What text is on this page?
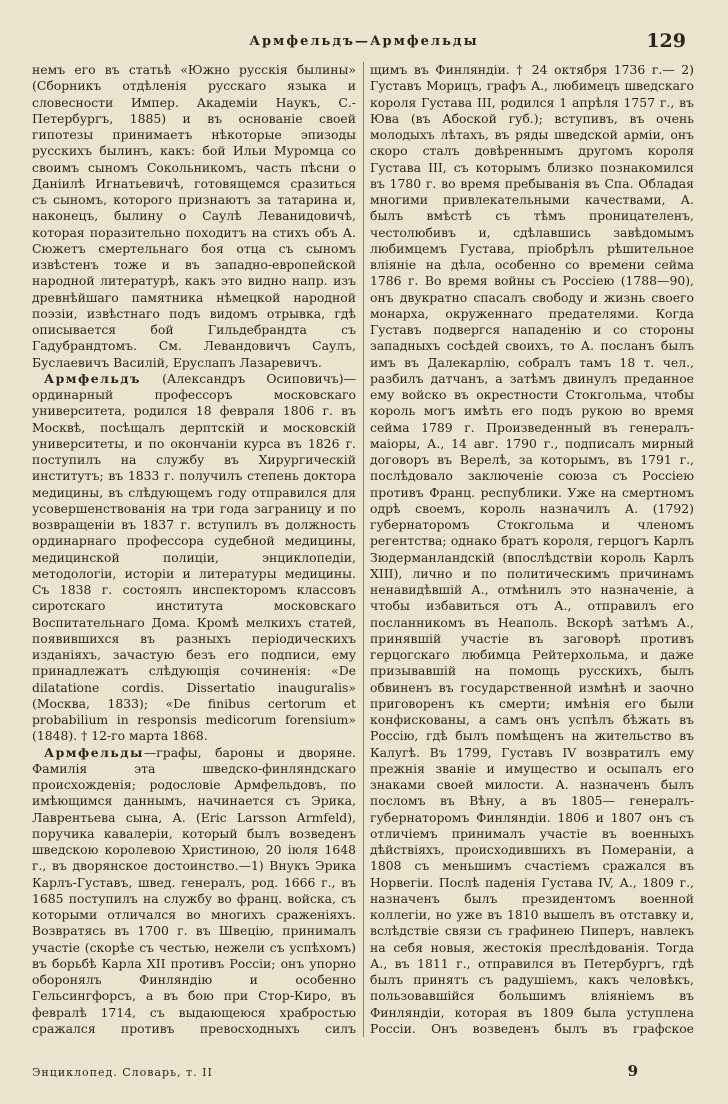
Армфельдъ—Армфельды	129

немъ его въ статьѣ «Южно русскія былины» (Сборникъ отдѣленія русскаго языка и словесности Импер. Академіи Наукъ, С.-Петербургъ, 1885) и въ основаніе своей гипотезы принимаетъ нѣкоторые эпизоды русскихъ былинъ, какъ: бой Ильи Муромца со своимъ сыномъ Сокольникомъ, часть пѣсни о Даніилѣ Игнатьевичѣ, готовящемся сразиться съ сыномъ, которого признаютъ за татарина и, наконецъ, былину о Саулѣ Леванидовичѣ, которая поразительно походитъ на стихъ объ А. Сюжетъ смертельнаго боя отца съ сыномъ извѣстенъ тоже и въ западно-европейской народной литературѣ, какъ это видно напр. изъ древнѣйшаго памятника нѣмецкой народной поэзіи, извѣстнаго подъ видомъ отрывка, гдѣ описывается бой Гильдебрандта съ Гадубрандтомъ. См. Левандовичъ Саулъ, Буслаевичъ Василій, Еруслапъ Лазаревичъ.

Армфельдъ (Александръ Осиповичъ)— ординарный профессоръ московскаго университета, родился 18 февраля 1806 г. въ Москвѣ, посѣщалъ дерптскій и московскій университеты, и по окончаніи курса въ 1826 г. поступилъ на службу въ Хирургическій институтъ; въ 1833 г. получилъ степень доктора медицины, въ слѣдующемъ году отправился для усовершенствованія на три года заграницу и по возвращеніи въ 1837 г. вступилъ въ должность ординарнаго профессора судебной медицины, медицинской полиціи, энциклопедіи, методологіи, исторіи и литературы медицины. Съ 1838 г. состоялъ инспекторомъ классовъ сиротскаго института московскаго Воспитательнаго Дома. Кромѣ мелкихъ статей, появившихся въ разныхъ періодическихъ изданіяхъ, зачастую безъ его подписи, ему принадлежатъ слѣдующія сочиненія: «De dilatatione cordis. Dissertatio inauguralis» (Москва, 1833); «De finibus certorum et probabilium in responsis medicorum forensium» (1848). † 12-го марта 1868.

Армфельды—графы, бароны и дворяне. Фамилія эта шведско-финляндскаго происхожденія; родословіе Армфельдовъ, по имѣющимся даннымъ, начинается съ Эрика, Лаврентьева сына, А. (Eric Larsson Armfeld), поручика кавалеріи, который былъ возведенъ шведскою королевою Христиною, 20 іюля 1648 г., въ дворянское достоинство.—1) Внукъ Эрика Карлъ-Густавъ, швед. генералъ, род. 1666 г., въ 1685 поступилъ на службу во франц. войска, съ которыми отличался во многихъ сраженіяхъ. Возвратясь въ 1700 г. въ Швецію, принималъ участіе (скорѣе съ честью, нежели съ успѣхомъ) въ борьбѣ Карла XII противъ Россіи; онъ упорно оборонялъ Финляндію и особенно Гельсингфорсъ, а въ бою при Стор-Киро, въ февралѣ 1714, съ выдающеюся храбростью сражался противъ превосходныхъ силъ

щимъ въ Финляндіи. † 24 октября 1736 г.— 2) Густавъ Морицъ, графъ А., любимецъ шведскаго короля Густава III, родился 1 апрѣля 1757 г., въ Юва (въ Абоской губ.); вступивъ, въ очень молодыхъ лѣтахъ, въ ряды шведской арміи, онъ скоро сталъ довѣреннымъ другомъ короля Густава III, съ которымъ близко познакомился въ 1780 г. во время пребыванія въ Спа. Обладая многими привлекательными качествами, А. былъ вмѣстѣ съ тѣмъ проницателенъ, честолюбивъ и, сдѣлавшись завѣдомымъ любимцемъ Густава, пріобрѣлъ рѣшительное вліяніе на дѣла, особенно со времени сейма 1786 г. Во время войны съ Россіею (1788—90), онъ двукратно спасалъ свободу и жизнь своего монарха, окруженнаго предателями. Когда Густавъ подвергся нападенію и со стороны западныхъ сосѣдей своихъ, то А. посланъ былъ имъ въ Далекарлію, собралъ тамъ 18 т. чел., разбилъ датчанъ, а затѣмъ двинулъ преданное ему войско въ окрестности Стокгольма, чтобы король могъ имѣть его подъ рукою во время сейма 1789 г. Произведенный въ генералъ-маіоры, А., 14 авг. 1790 г., подписалъ мирный договоръ въ Верелѣ, за которымъ, въ 1791 г., послѣдовало заключеніе союза съ Россіею противъ Франц. республики. Уже на смертномъ одрѣ своемъ, король назначилъ А. (1792) губернаторомъ Стокгольма и членомъ регентства; однако братъ короля, герцогъ Карлъ Зюдерманландскій (впослѣдствіи король Карлъ XIII), лично и по политическимъ причинамъ ненавидѣвшій А., отмѣнилъ это назначеніе, а чтобы избавиться отъ А., отправилъ его посланникомъ въ Неаполь. Вскорѣ затѣмъ А., принявшій участіе въ заговорѣ противъ герцогскаго любимца Рейтерхольма, и даже призывавшій на помощь русскихъ, былъ обвиненъ въ государственной измѣнѣ и заочно приговоренъ къ смерти; имѣнія его были конфискованы, а самъ онъ успѣлъ бѣжать въ Россію, гдѣ былъ помѣщенъ на жительство въ Калугѣ. Въ 1799, Густавъ IV возвратилъ ему прежнія званіе и имущество и осыпалъ его знаками своей милости. А. назначенъ былъ посломъ въ Вѣну, а въ 1805— генералъ-губернаторомъ Финляндіи. 1806 и 1807 онъ съ отличіемъ принималъ участіе въ военныхъ дѣйствіяхъ, происходившихъ въ Помераніи, а 1808 съ меньшимъ счастіемъ сражался въ Норвегіи. Послѣ паденія Густава IV, А., 1809 г., назначенъ былъ президентомъ военной коллегіи, но уже въ 1810 вышелъ въ отставку и, вслѣдствіе связи съ графинею Пиперъ, навлекъ на себя новыя, жестокія преслѣдованія. Тогда А., въ 1811 г., отправился въ Петербургъ, гдѣ былъ принятъ съ радушіемъ, какъ человѣкъ, пользовавшійся большимъ вліяніемъ въ Финляндіи, которая въ 1809 была уступлена Россіи. Онъ возведенъ былъ въ графское

Энциклопед. Словарь, т. II	9
